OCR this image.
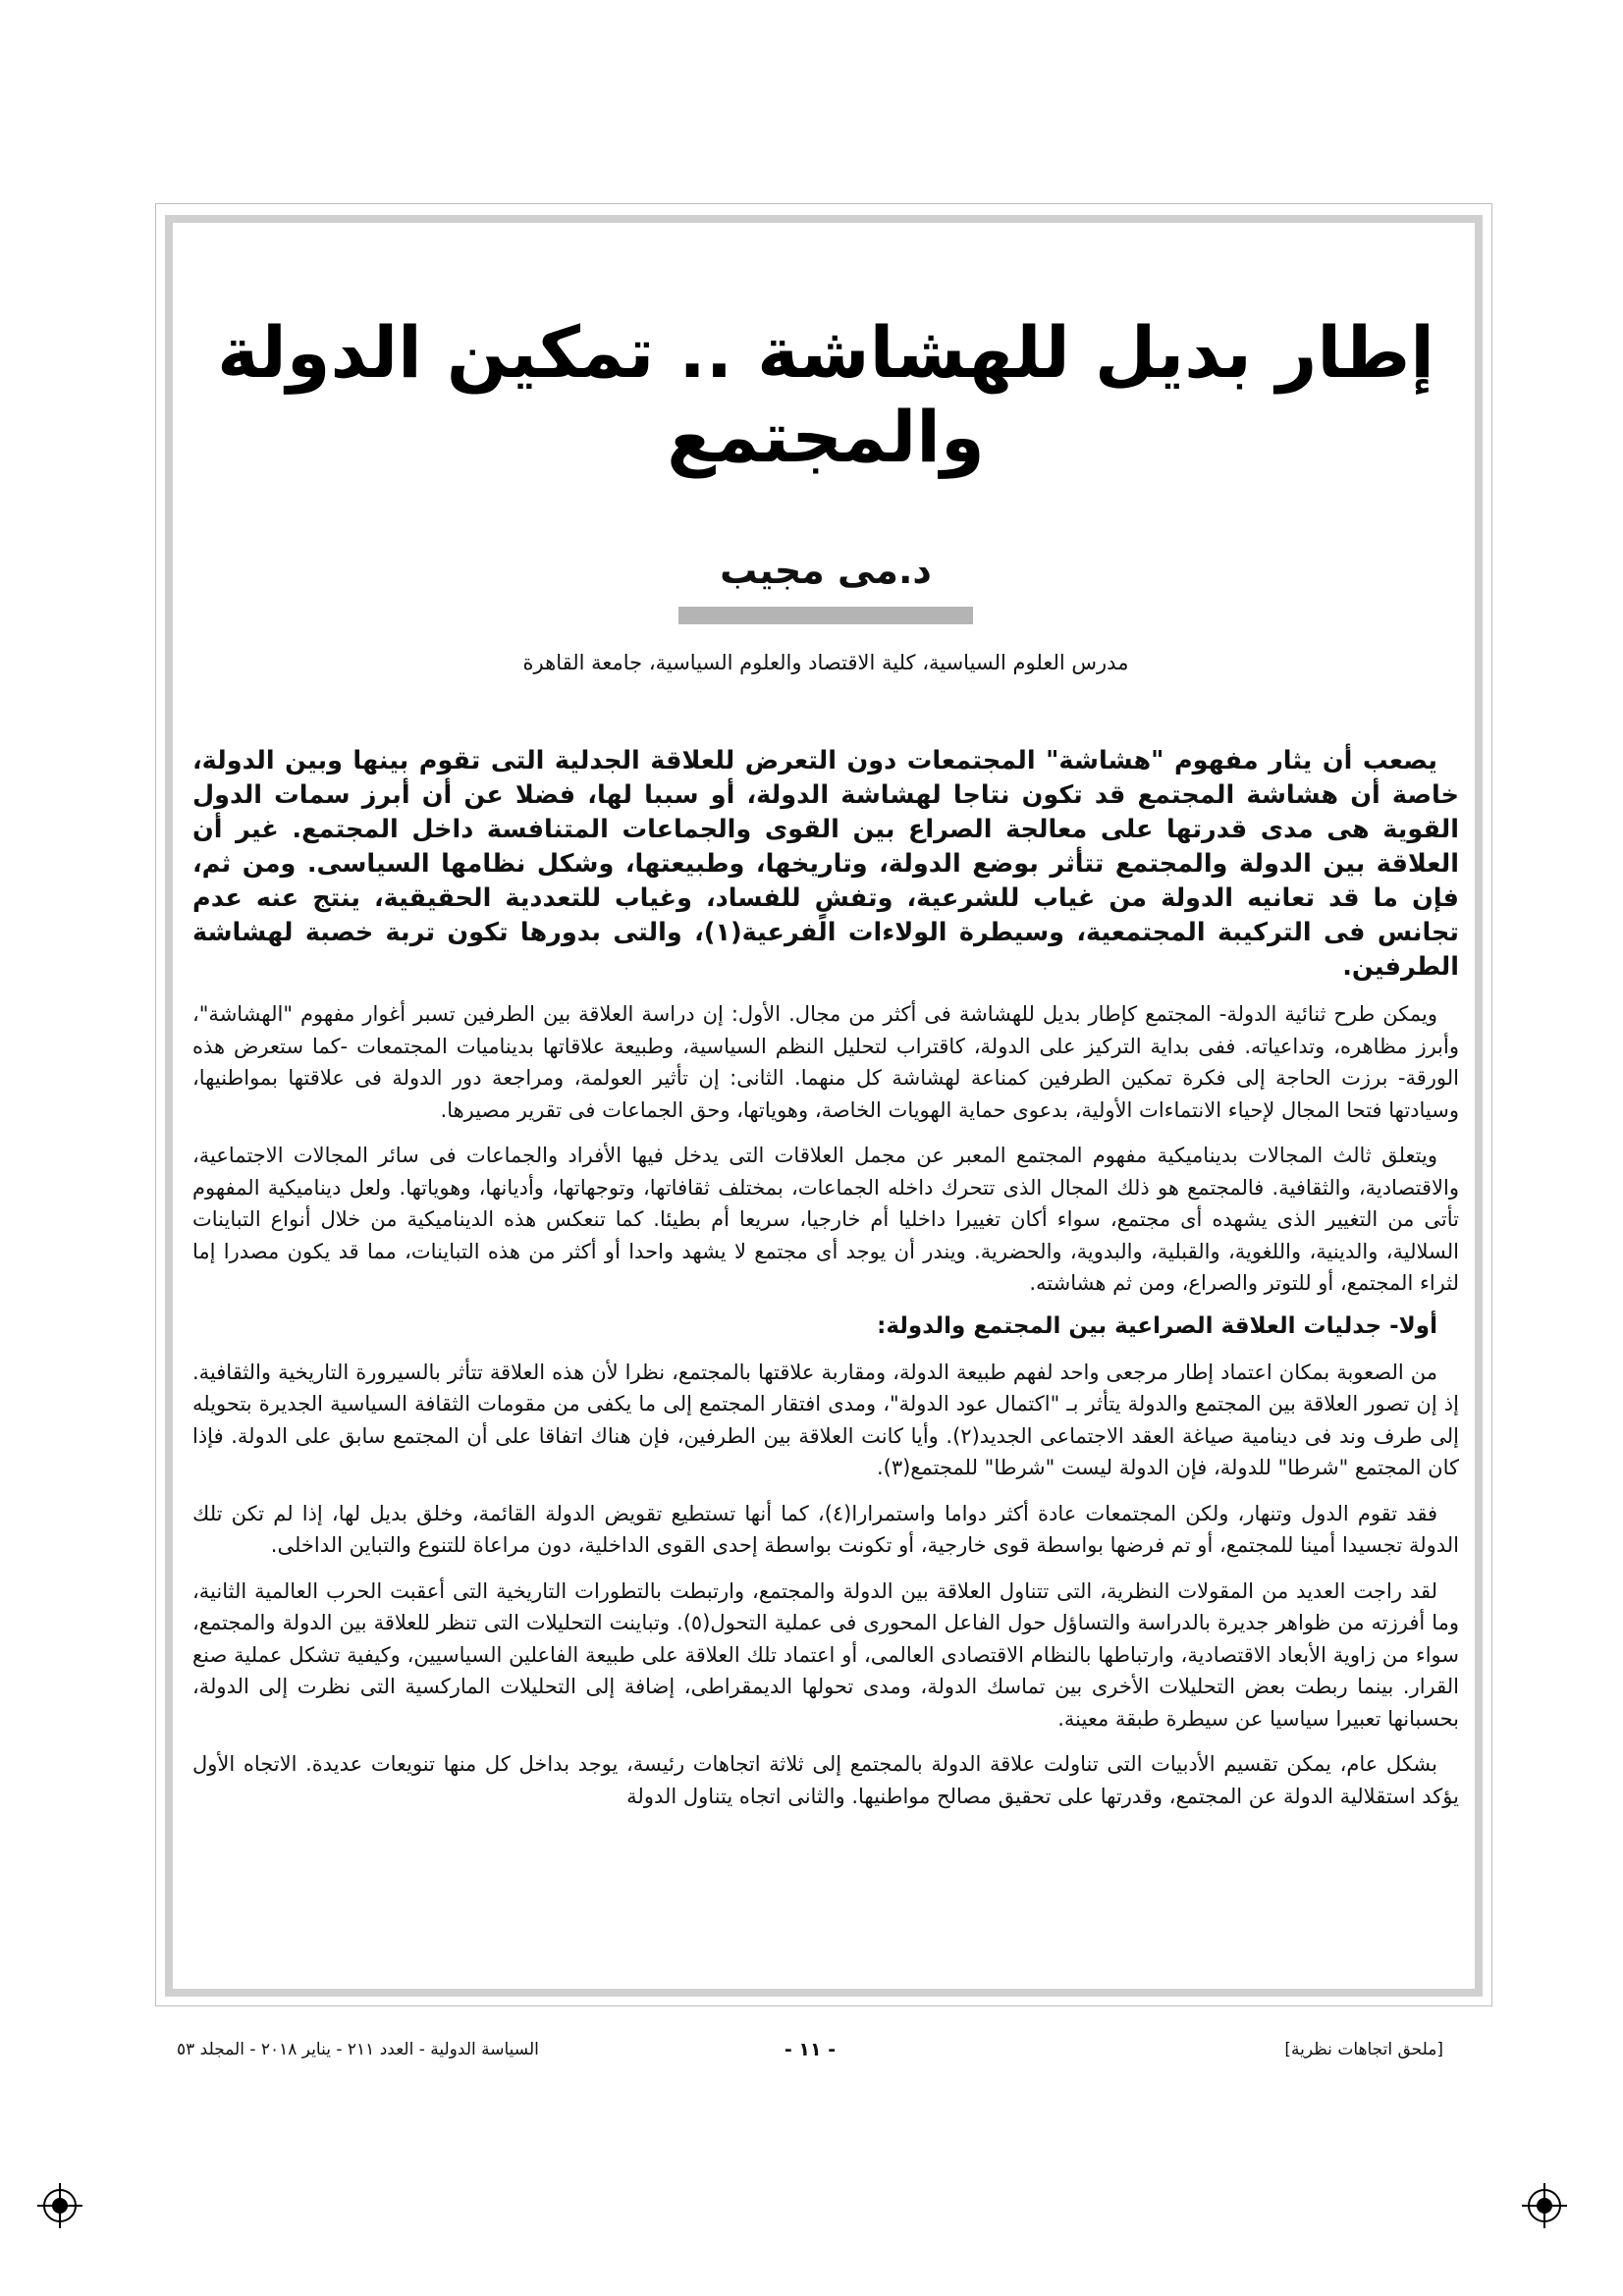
إطار بديل للهشاشة .. تمكين الدولة والمجتمع
د.مى مجيب
مدرس العلوم السياسية، كلية الاقتصاد والعلوم السياسية، جامعة القاهرة

يصعب أن يثار مفهوم "هشاشة" المجتمعات دون التعرض للعلاقة الجدلية التى تقوم بينها وبين الدولة، خاصة أن هشاشة المجتمع قد تكون نتاجا لهشاشة الدولة، أو سببا لها، فضلا عن أن أبرز سمات الدول القوية هى مدى قدرتها على معالجة الصراع بين القوى والجماعات المتنافسة داخل المجتمع. غير أن العلاقة بين الدولة والمجتمع تتأثر بوضع الدولة، وتاريخها، وطبيعتها، وشكل نظامها السياسى. ومن ثم، فإن ما قد تعانيه الدولة من غياب للشرعية، وتفشٍ للفساد، وغياب للتعددية الحقيقية، ينتج عنه عدم تجانس فى التركيبة المجتمعية، وسيطرة الولاءات الفرعية(١)، والتى بدورها تكون تربة خصبة لهشاشة الطرفين.

ويمكن طرح ثنائية الدولة- المجتمع كإطار بديل للهشاشة فى أكثر من مجال. الأول: إن دراسة العلاقة بين الطرفين تسبر أغوار مفهوم "الهشاشة"، وأبرز مظاهره، وتداعياته. ففى بداية التركيز على الدولة، كاقتراب لتحليل النظم السياسية، وطبيعة علاقاتها بديناميات المجتمعات -كما ستعرض هذه الورقة- برزت الحاجة إلى فكرة تمكين الطرفين كمناعة لهشاشة كل منهما. الثانى: إن تأثير العولمة، ومراجعة دور الدولة فى علاقتها بمواطنيها، وسيادتها فتحا المجال لإحياء الانتماءات الأولية، بدعوى حماية الهويات الخاصة، وهوياتها، وحق الجماعات فى تقرير مصيرها.

ويتعلق ثالث المجالات بديناميكية مفهوم المجتمع المعبر عن مجمل العلاقات التى يدخل فيها الأفراد والجماعات فى سائر المجالات الاجتماعية، والاقتصادية، والثقافية. فالمجتمع هو ذلك المجال الذى تتحرك داخله الجماعات، بمختلف ثقافاتها، وتوجهاتها، وأديانها، وهوياتها. ولعل ديناميكية المفهوم تأتى من التغيير الذى يشهده أى مجتمع، سواء أكان تغييرا داخليا أم خارجيا، سريعا أم بطيئا. كما تنعكس هذه الديناميكية من خلال أنواع التباينات السلالية، والدينية، واللغوية، والقبلية، والبدوية، والحضرية. ويندر أن يوجد أى مجتمع لا يشهد واحدا أو أكثر من هذه التباينات، مما قد يكون مصدرا إما لثراء المجتمع، أو للتوتر والصراع، ومن ثم هشاشته.

أولا- جدليات العلاقة الصراعية بين المجتمع والدولة:

من الصعوبة بمكان اعتماد إطار مرجعى واحد لفهم طبيعة الدولة، ومقاربة علاقتها بالمجتمع، نظرا لأن هذه العلاقة تتأثر بالسيرورة التاريخية والثقافية. إذ إن تصور العلاقة بين المجتمع والدولة يتأثر بـ "اكتمال عود الدولة"، ومدى افتقار المجتمع إلى ما يكفى من مقومات الثقافة السياسية الجديرة بتحويله إلى طرف وند فى دينامية صياغة العقد الاجتماعى الجديد(٢). وأيا كانت العلاقة بين الطرفين، فإن هناك اتفاقا على أن المجتمع سابق على الدولة. فإذا كان المجتمع "شرطا" للدولة، فإن الدولة ليست "شرطا" للمجتمع(٣).

فقد تقوم الدول وتنهار، ولكن المجتمعات عادة أكثر دواما واستمرارا(٤)، كما أنها تستطيع تقويض الدولة القائمة، وخلق بديل لها، إذا لم تكن تلك الدولة تجسيدا أمينا للمجتمع، أو تم فرضها بواسطة قوى خارجية، أو تكونت بواسطة إحدى القوى الداخلية، دون مراعاة للتنوع والتباين الداخلى.

لقد راجت العديد من المقولات النظرية، التى تتناول العلاقة بين الدولة والمجتمع، وارتبطت بالتطورات التاريخية التى أعقبت الحرب العالمية الثانية، وما أفرزته من ظواهر جديرة بالدراسة والتساؤل حول الفاعل المحورى فى عملية التحول(٥). وتباينت التحليلات التى تنظر للعلاقة بين الدولة والمجتمع، سواء من زاوية الأبعاد الاقتصادية، وارتباطها بالنظام الاقتصادى العالمى، أو اعتماد تلك العلاقة على طبيعة الفاعلين السياسيين، وكيفية تشكل عملية صنع القرار. بينما ربطت بعض التحليلات الأخرى بين تماسك الدولة، ومدى تحولها الديمقراطى، إضافة إلى التحليلات الماركسية التى نظرت إلى الدولة، بحسبانها تعبيرا سياسيا عن سيطرة طبقة معينة.

بشكل عام، يمكن تقسيم الأدبيات التى تناولت علاقة الدولة بالمجتمع إلى ثلاثة اتجاهات رئيسة، يوجد بداخل كل منها تنويعات عديدة. الاتجاه الأول يؤكد استقلالية الدولة عن المجتمع، وقدرتها على تحقيق مصالح مواطنيها. والثانى اتجاه يتناول الدولة

[ملحق اتجاهات نظرية]
- ١١ -
السياسة الدولية - العدد ٢١١ - يناير ٢٠١٨ - المجلد ٥٣
